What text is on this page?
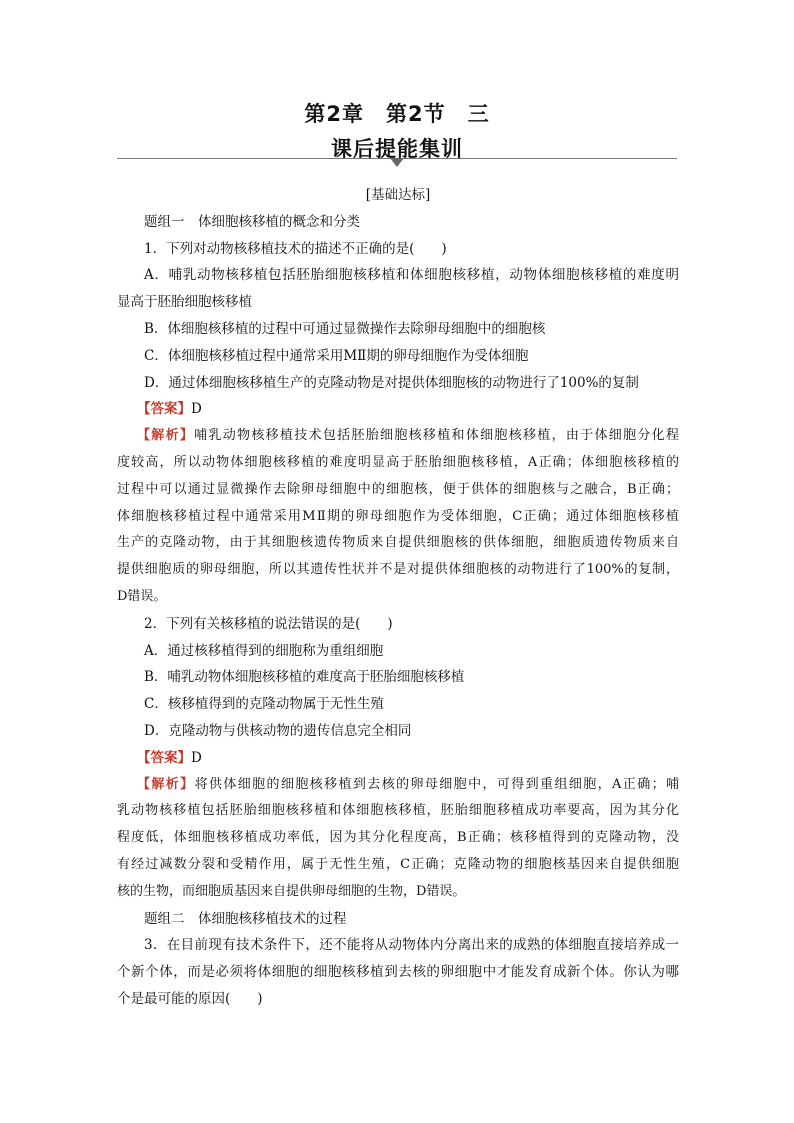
第2章　第2节　三
课后提能集训
[基础达标]
题组一　体细胞核移植的概念和分类
1．下列对动物核移植技术的描述不正确的是(　　)
A．哺乳动物核移植包括胚胎细胞核移植和体细胞核移植，动物体细胞核移植的难度明
显高于胚胎细胞核移植
B．体细胞核移植的过程中可通过显微操作去除卵母细胞中的细胞核
C．体细胞核移植过程中通常采用MⅡ期的卵母细胞作为受体细胞
D．通过体细胞核移植生产的克隆动物是对提供体细胞核的动物进行了100%的复制
【答案】D
【解析】哺乳动物核移植技术包括胚胎细胞核移植和体细胞核移植，由于体细胞分化程
度较高，所以动物体细胞核移植的难度明显高于胚胎细胞核移植，A正确；体细胞核移植的
过程中可以通过显微操作去除卵母细胞中的细胞核，便于供体的细胞核与之融合，B正确；
体细胞核移植过程中通常采用MⅡ期的卵母细胞作为受体细胞，C正确；通过体细胞核移植
生产的克隆动物，由于其细胞核遗传物质来自提供细胞核的供体细胞，细胞质遗传物质来自
提供细胞质的卵母细胞，所以其遗传性状并不是对提供体细胞核的动物进行了100%的复制，
D错误。
2．下列有关核移植的说法错误的是(　　)
A．通过核移植得到的细胞称为重组细胞
B．哺乳动物体细胞核移植的难度高于胚胎细胞核移植
C．核移植得到的克隆动物属于无性生殖
D．克隆动物与供核动物的遗传信息完全相同
【答案】D
【解析】将供体细胞的细胞核移植到去核的卵母细胞中，可得到重组细胞，A正确；哺
乳动物核移植包括胚胎细胞核移植和体细胞核移植，胚胎细胞移植成功率要高，因为其分化
程度低，体细胞核移植成功率低，因为其分化程度高，B正确；核移植得到的克隆动物，没
有经过减数分裂和受精作用，属于无性生殖，C正确；克隆动物的细胞核基因来自提供细胞
核的生物，而细胞质基因来自提供卵母细胞的生物，D错误。
题组二　体细胞核移植技术的过程
3．在目前现有技术条件下，还不能将从动物体内分离出来的成熟的体细胞直接培养成一
个新个体，而是必须将体细胞的细胞核移植到去核的卵细胞中才能发育成新个体。你认为哪
个是最可能的原因(　　)
